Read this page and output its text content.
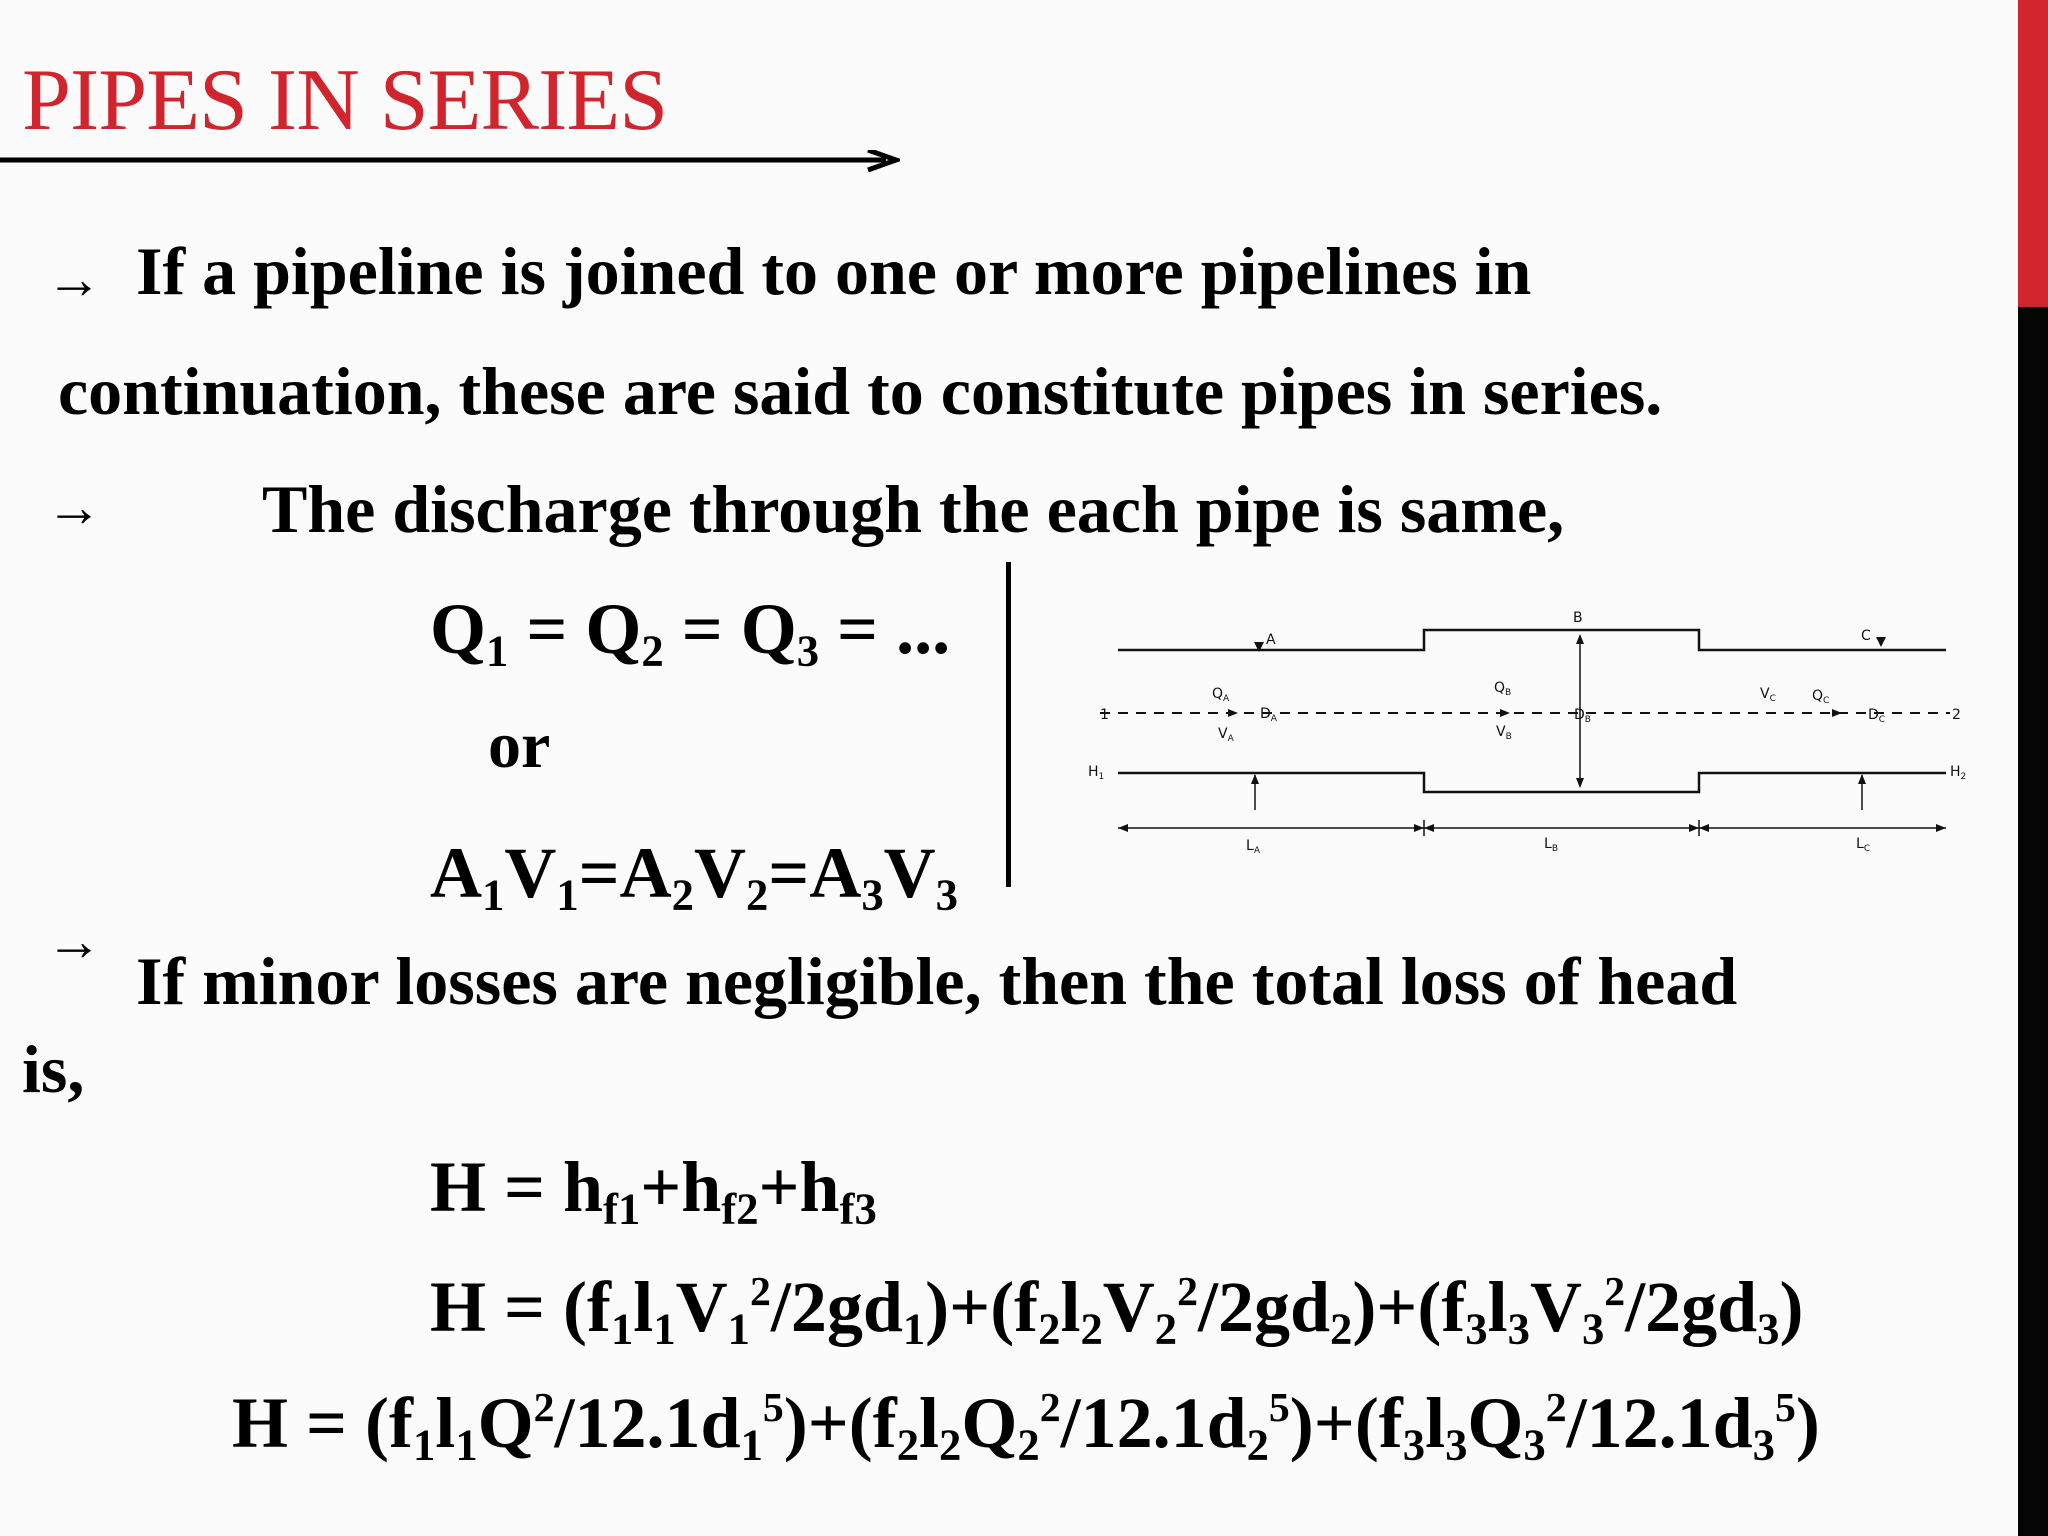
PIPES IN SERIES
→ If a pipeline is joined to one or more pipelines in
continuation, these are said to constitute pipes in series.
→ The discharge through the each pipe is same,
$Q_1 = Q_2 = Q_3$ = ...
or
$A_1V_1=A_2V_2=A_3V_3$
A
B
C
$Q_A$
$D_A$
$V_A$
$Q_B$
$V_B$
$D_B$
$V_C$	$Q_C$
$D_C$
1	2
$H_1$	$H_2$
$L_A$	$L_B$	$L_C$
→
If minor losses are negligible, then the total loss of head
is,
$H = h_{f1}+h_{f2}+h_{f3}$
$H = (f_1l_1V_1^2/2gd_1)+(f_2l_2V_2^2/2gd_2)+(f_3l_3V_3^2/2gd_3)$
$H = (f_1l_1Q^2/12.1d_1^5)+(f_2l_2Q_2^2/12.1d_2^5)+(f_3l_3Q_3^2/12.1d_3^5)$
